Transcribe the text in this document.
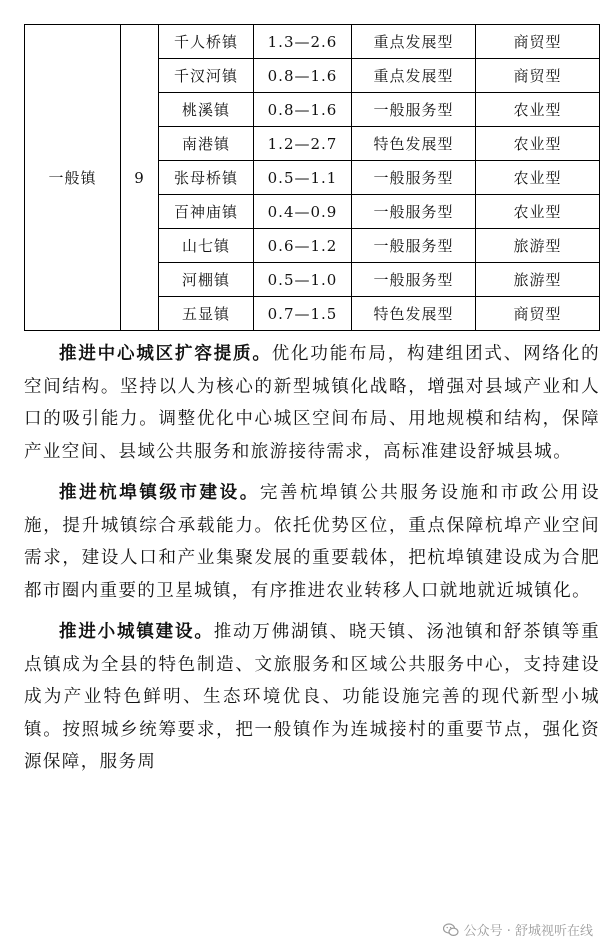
一般镇	9	千人桥镇	1.3—2.6	重点发展型	商贸型
		千汊河镇	0.8—1.6	重点发展型	商贸型
		桃溪镇	0.8—1.6	一般服务型	农业型
		南港镇	1.2—2.7	特色发展型	农业型
		张母桥镇	0.5—1.1	一般服务型	农业型
		百神庙镇	0.4—0.9	一般服务型	农业型
		山七镇	0.6—1.2	一般服务型	旅游型
		河棚镇	0.5—1.0	一般服务型	旅游型
		五显镇	0.7—1.5	特色发展型	商贸型

推进中心城区扩容提质。优化功能布局，构建组团式、网络化的空间结构。坚持以人为核心的新型城镇化战略，增强对县域产业和人口的吸引能力。调整优化中心城区空间布局、用地规模和结构，保障产业空间、县域公共服务和旅游接待需求，高标准建设舒城县城。

推进杭埠镇级市建设。完善杭埠镇公共服务设施和市政公用设施，提升城镇综合承载能力。依托优势区位，重点保障杭埠产业空间需求，建设人口和产业集聚发展的重要载体，把杭埠镇建设成为合肥都市圈内重要的卫星城镇，有序推进农业转移人口就地就近城镇化。

推进小城镇建设。推动万佛湖镇、晓天镇、汤池镇和舒茶镇等重点镇成为全县的特色制造、文旅服务和区域公共服务中心，支持建设成为产业特色鲜明、生态环境优良、功能设施完善的现代新型小城镇。按照城乡统筹要求，把一般镇作为连城接村的重要节点，强化资源保障，服务周

公众号 · 舒城视听在线
